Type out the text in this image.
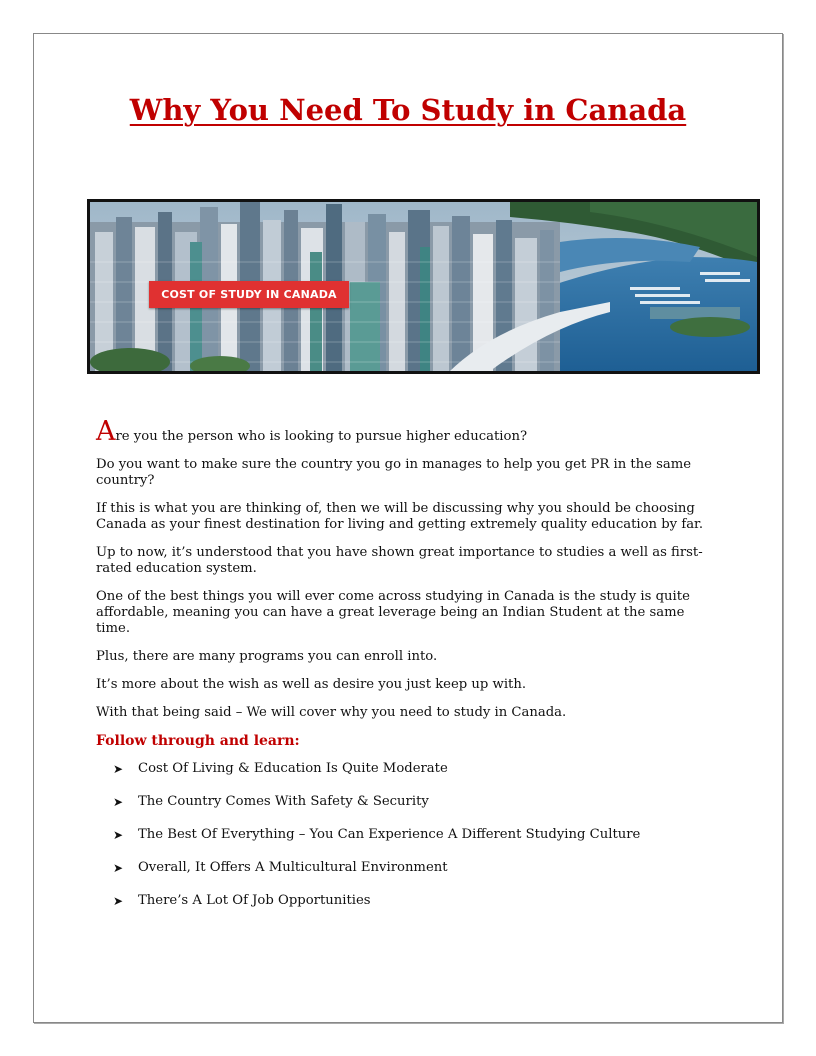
Why You Need To Study in Canada
COST OF STUDY IN CANADA

Are you the person who is looking to pursue higher education?

Do you want to make sure the country you go in manages to help you get PR in the same country?

If this is what you are thinking of, then we will be discussing why you should be choosing Canada as your finest destination for living and getting extremely quality education by far.

Up to now, it’s understood that you have shown great importance to studies a well as first-rated education system.

One of the best things you will ever come across studying in Canada is the study is quite affordable, meaning you can have a great leverage being an Indian Student at the same time.

Plus, there are many programs you can enroll into.

It’s more about the wish as well as desire you just keep up with.

With that being said – We will cover why you need to study in Canada.

Follow through and learn:
➤	Cost Of Living & Education Is Quite Moderate
➤	The Country Comes With Safety & Security
➤	The Best Of Everything – You Can Experience A Different Studying Culture
➤	Overall, It Offers A Multicultural Environment
➤	There’s A Lot Of Job Opportunities
